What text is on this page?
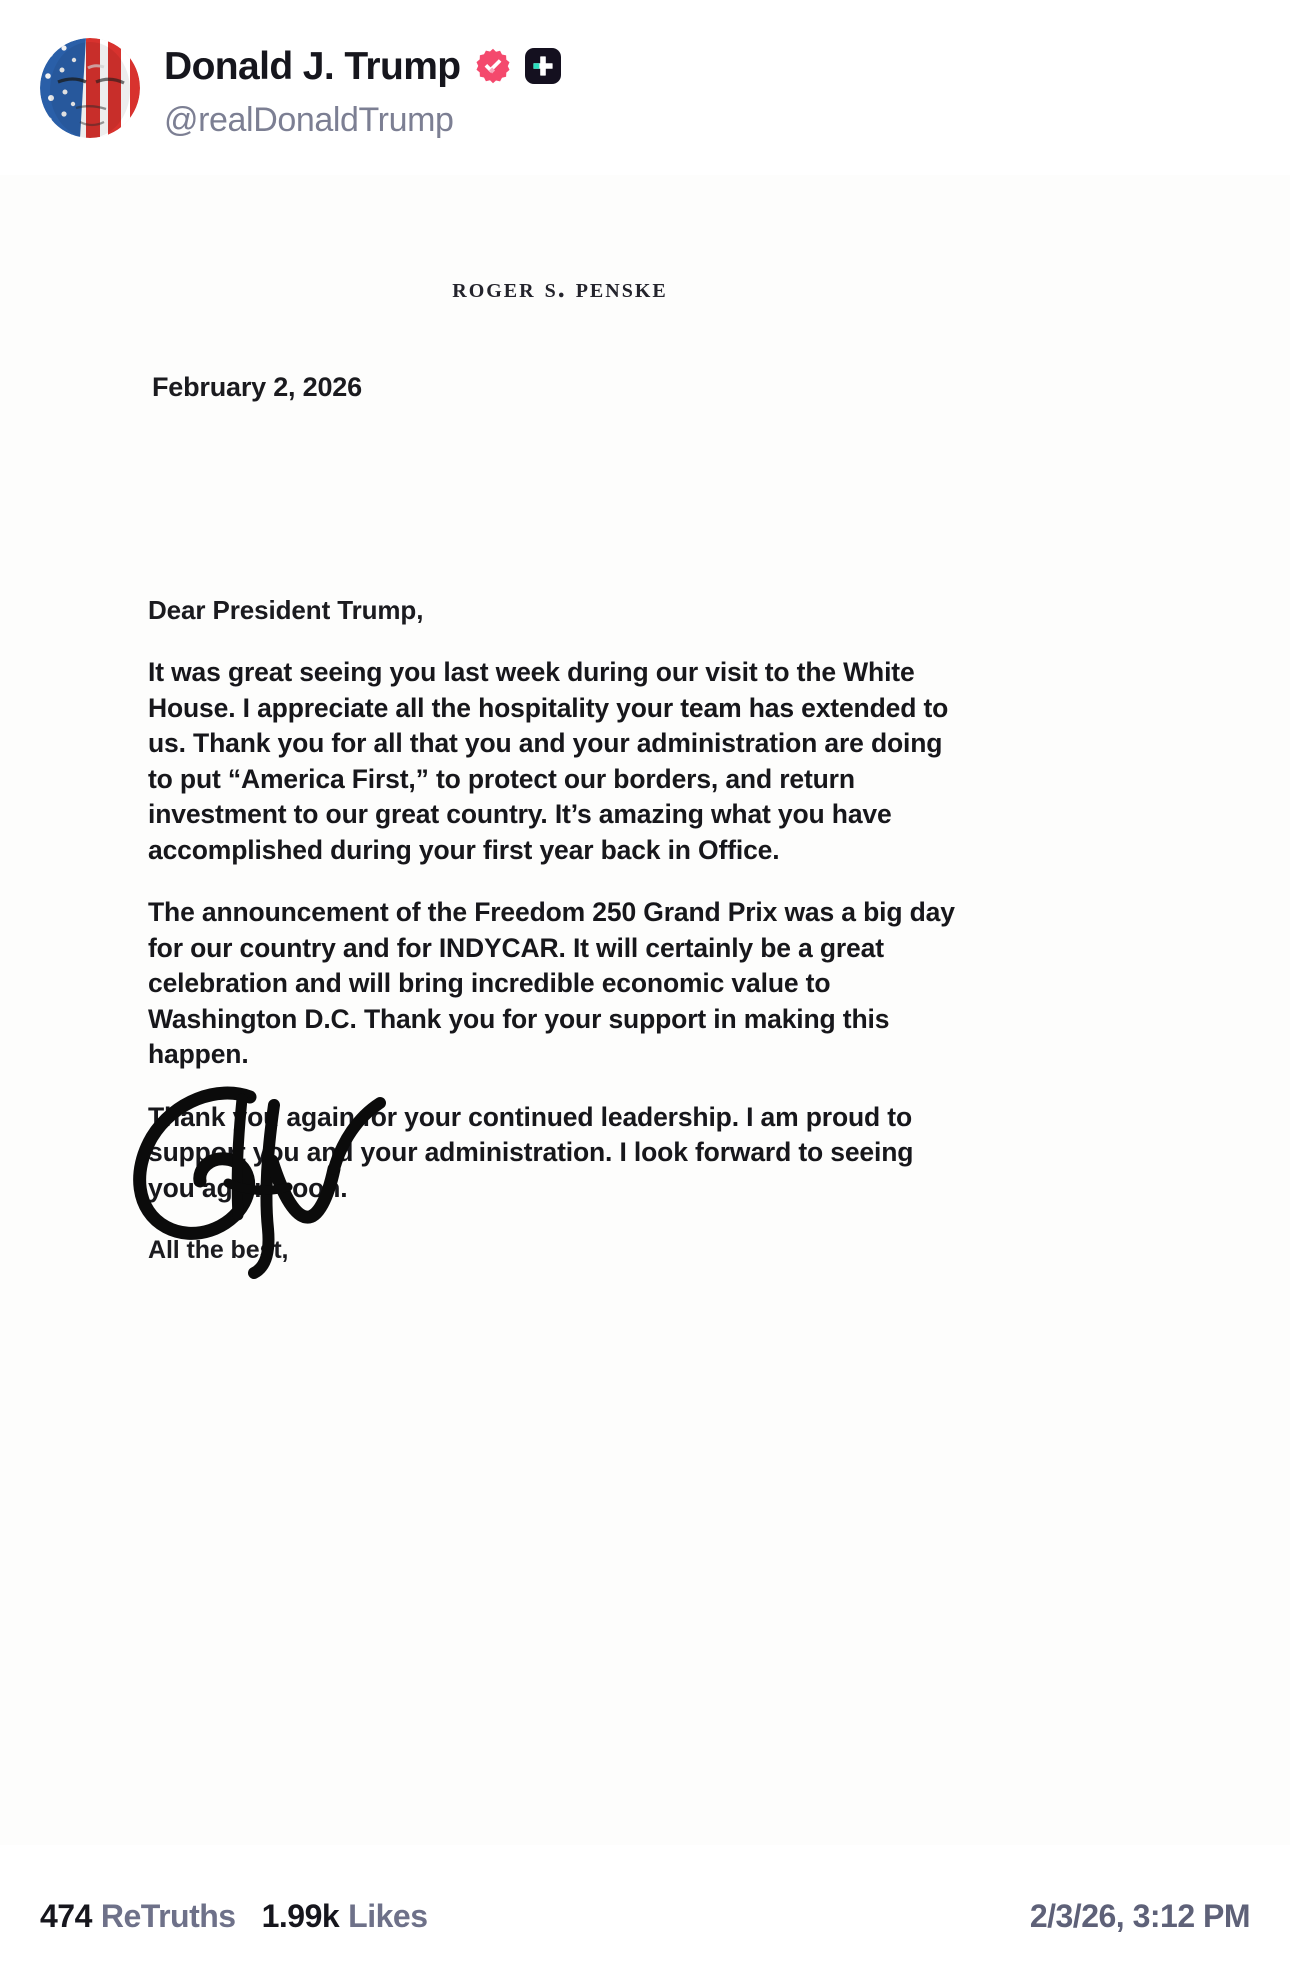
Donald J. Trump
@realDonaldTrump
roger s. penske
February 2, 2026
Dear President Trump,

It was great seeing you last week during our visit to the White House. I appreciate all the hospitality your team has extended to us. Thank you for all that you and your administration are doing to put “America First,” to protect our borders, and return investment to our great country. It’s amazing what you have accomplished during your first year back in Office.

The announcement of the Freedom 250 Grand Prix was a big day for our country and for INDYCAR. It will certainly be a great celebration and will bring incredible economic value to Washington D.C. Thank you for your support in making this happen.

Thank you again for your continued leadership. I am proud to support you and your administration. I look forward to seeing you again soon.

All the best,
474 ReTruths 1.99k Likes	2/3/26, 3:12 PM
